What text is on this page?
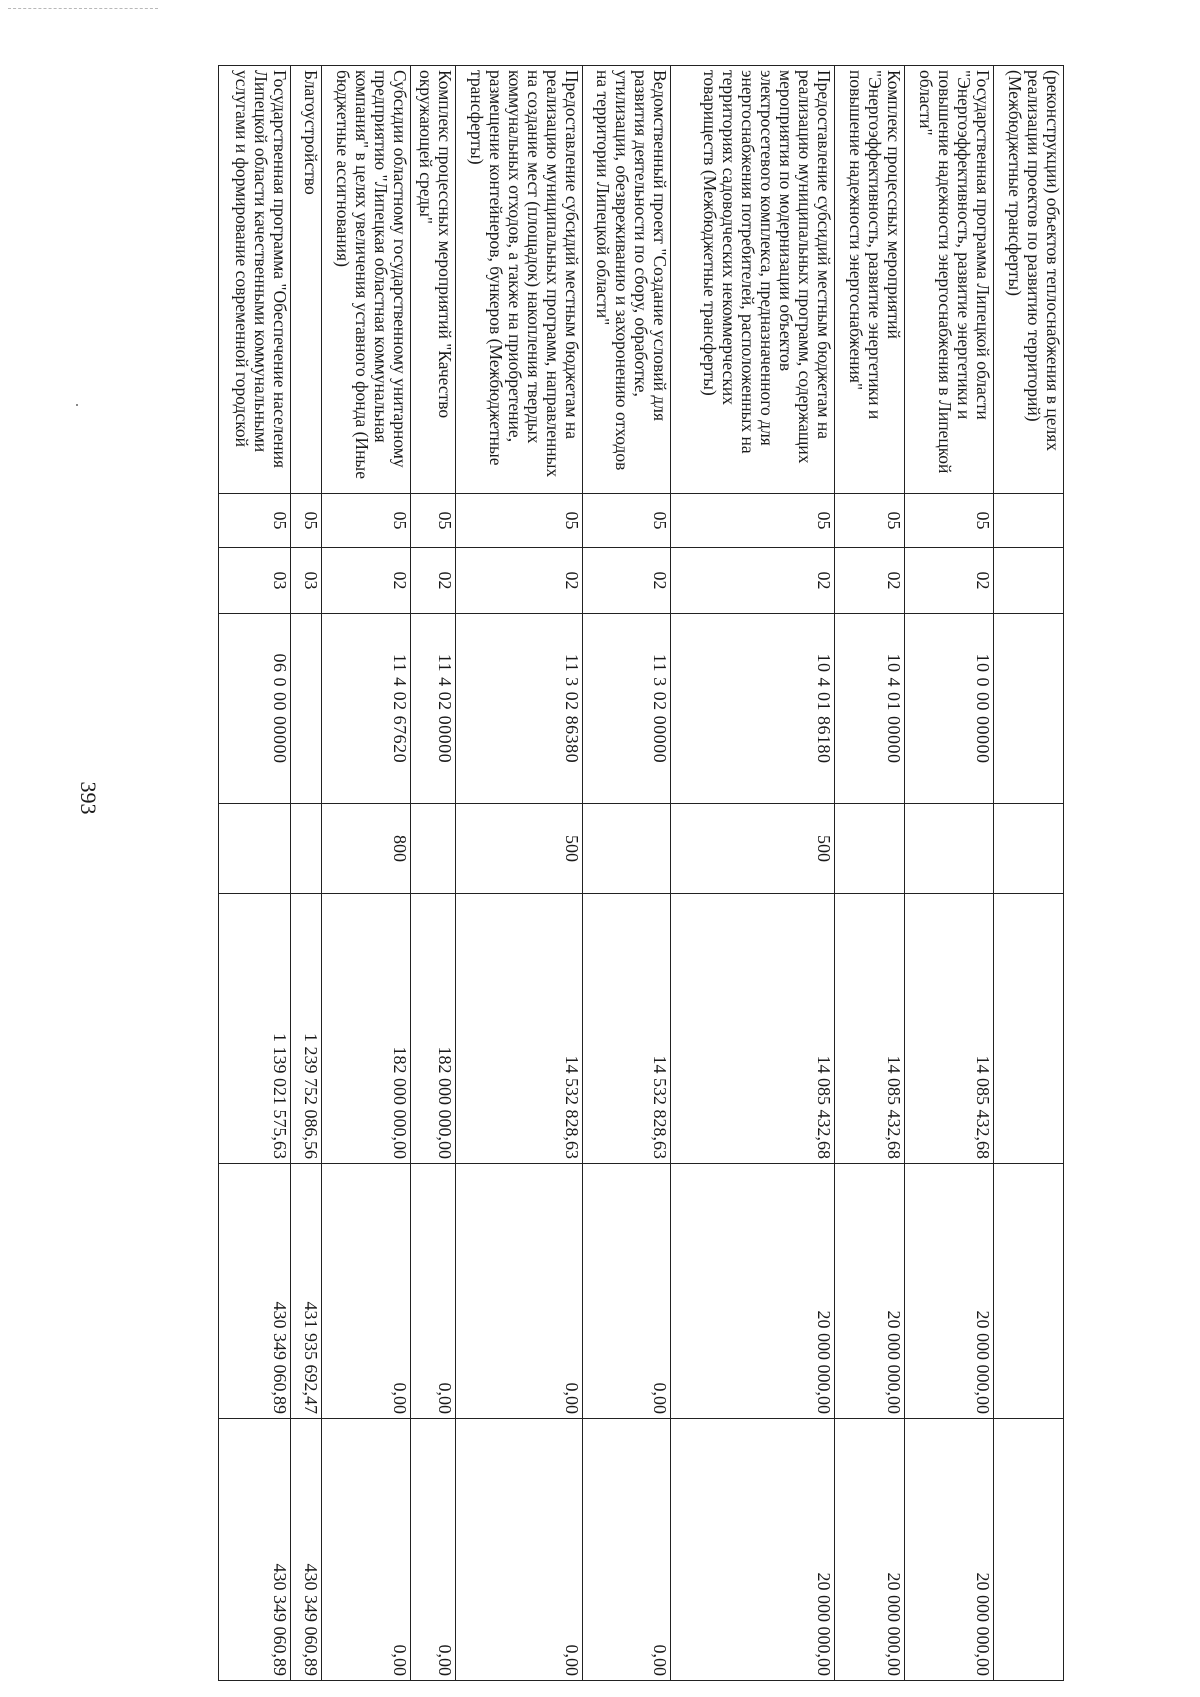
393
(реконструкции) объектов теплоснабжения в целях реализации проектов по развитию территорий) (Межбюджетные трансферты)							
Государственная программа Липецкой области "Энергоэффективность, развитие энергетики и повышение надежности энергоснабжения в Липецкой области"	05	02	10 0 00 00000		14 085 432,68	20 000 000,00	20 000 000,00
Комплекс процессных мероприятий "Энергоэффективность, развитие энергетики и повышение надежности энергоснабжения"	05	02	10 4 01 00000		14 085 432,68	20 000 000,00	20 000 000,00
Предоставление субсидий местным бюджетам на реализацию муниципальных программ, содержащих мероприятия по модернизации объектов электросетевого комплекса, предназначенного для энергоснабжения потребителей, расположенных на территориях садоводческих некоммерческих товариществ (Межбюджетные трансферты)	05	02	10 4 01 86180	500	14 085 432,68	20 000 000,00	20 000 000,00
Ведомственный проект "Создание условий для развития деятельности по сбору, обработке, утилизации, обезвреживанию и захоронению отходов на территории Липецкой области"	05	02	11 3 02 00000		14 532 828,63	0,00	0,00
Предоставление субсидий местным бюджетам на реализацию муниципальных программ, направленных на создание мест (площадок) накопления твердых коммунальных отходов, а также на приобретение, размещение контейнеров, бункеров (Межбюджетные трансферты)	05	02	11 3 02 86380	500	14 532 828,63	0,00	0,00
Комплекс процессных мероприятий "Качество окружающей среды"	05	02	11 4 02 00000		182 000 000,00	0,00	0,00
Субсидии областному государственному унитарному предприятию "Липецкая областная коммунальная компания" в целях увеличения уставного фонда (Иные бюджетные ассигнования)	05	02	11 4 02 67620	800	182 000 000,00	0,00	0,00
Благоустройство	05	03			1 239 752 086,56	431 935 692,47	430 349 060,89
Государственная программа "Обеспечение населения Липецкой области качественными коммунальными услугами и формирование современной городской	05	03	06 0 00 00000		1 139 021 575,63	430 349 060,89	430 349 060,89
